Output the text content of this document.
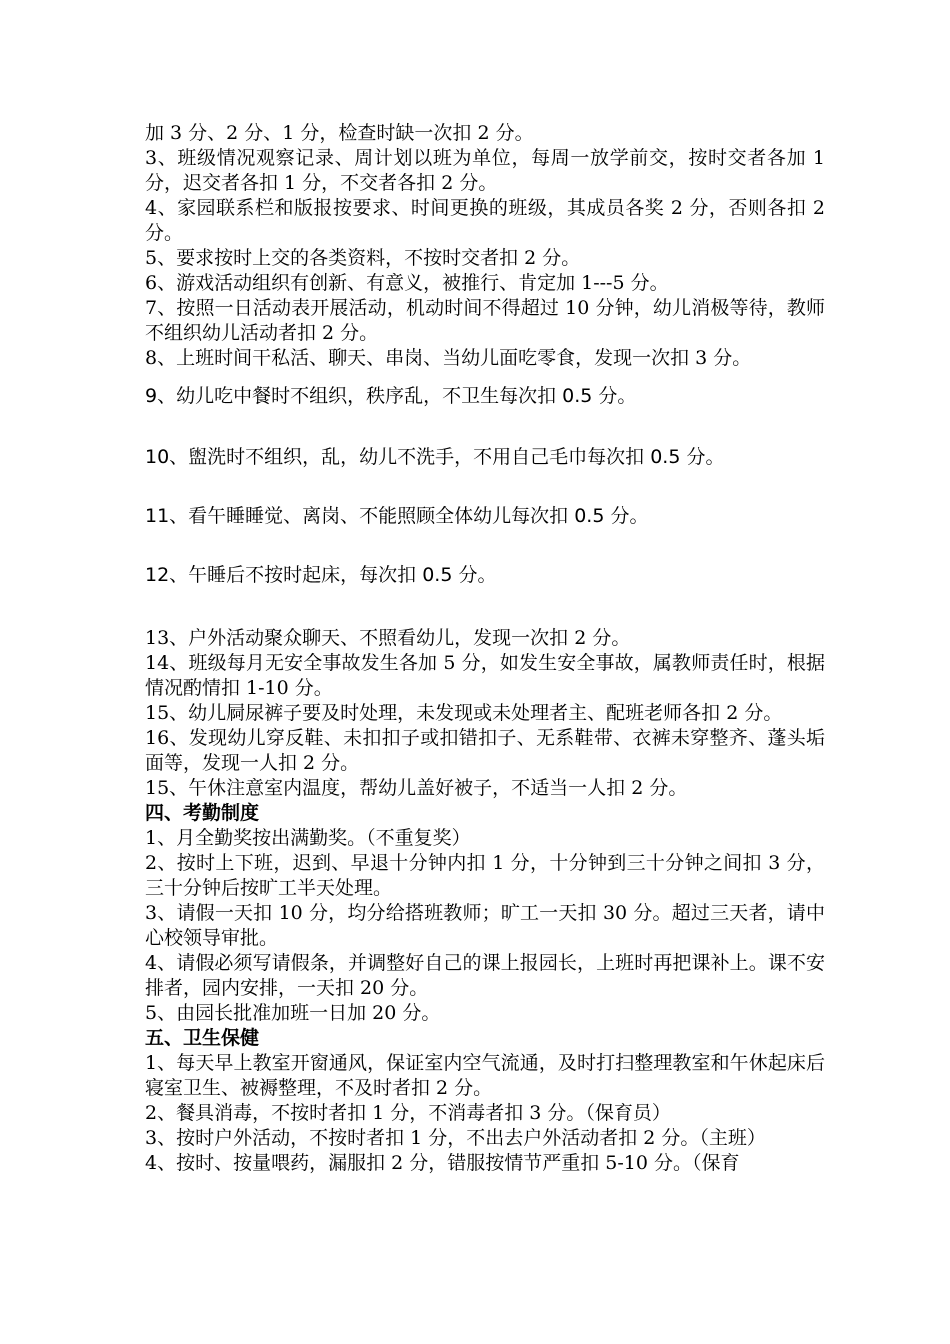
加 3 分、2 分、1 分，检查时缺一次扣 2 分。

3、班级情况观察记录、周计划以班为单位，每周一放学前交，按时交者各加 1 分，迟交者各扣 1 分，不交者各扣 2 分。

4、家园联系栏和版报按要求、时间更换的班级，其成员各奖 2 分，否则各扣 2 分。

5、要求按时上交的各类资料，不按时交者扣 2 分。

6、游戏活动组织有创新、有意义，被推行、肯定加 1---5 分。

7、按照一日活动表开展活动，机动时间不得超过 10 分钟，幼儿消极等待，教师不组织幼儿活动者扣 2 分。

8、上班时间干私活、聊天、串岗、当幼儿面吃零食，发现一次扣 3 分。

9、幼儿吃中餐时不组织，秩序乱，不卫生每次扣 0.5 分。

10、盥洗时不组织，乱，幼儿不洗手，不用自己毛巾每次扣 0.5 分。

11、看午睡睡觉、离岗、不能照顾全体幼儿每次扣 0.5 分。

12、午睡后不按时起床，每次扣 0.5 分。

13、户外活动聚众聊天、不照看幼儿，发现一次扣 2 分。

14、班级每月无安全事故发生各加 5 分，如发生安全事故，属教师责任时，根据情况酌情扣 1-10 分。

15、幼儿屙尿裤子要及时处理，未发现或未处理者主、配班老师各扣 2 分。

16、发现幼儿穿反鞋、未扣扣子或扣错扣子、无系鞋带、衣裤未穿整齐、蓬头垢面等，发现一人扣 2 分。

15、午休注意室内温度，帮幼儿盖好被子，不适当一人扣 2 分。

四、考勤制度

1、月全勤奖按出满勤奖。（不重复奖）

2、按时上下班，迟到、早退十分钟内扣 1 分，十分钟到三十分钟之间扣 3 分，三十分钟后按旷工半天处理。

3、请假一天扣 10 分，均分给搭班教师；旷工一天扣 30 分。超过三天者，请中心校领导审批。

4、请假必须写请假条，并调整好自己的课上报园长，上班时再把课补上。课不安排者，园内安排，一天扣 20 分。

5、由园长批准加班一日加 20 分。

五、卫生保健

1、每天早上教室开窗通风，保证室内空气流通，及时打扫整理教室和午休起床后寝室卫生、被褥整理，不及时者扣 2 分。

2、餐具消毒，不按时者扣 1 分，不消毒者扣 3 分。（保育员）

3、按时户外活动，不按时者扣 1 分，不出去户外活动者扣 2 分。（主班）

4、按时、按量喂药，漏服扣 2 分，错服按情节严重扣 5-10 分。（保育
